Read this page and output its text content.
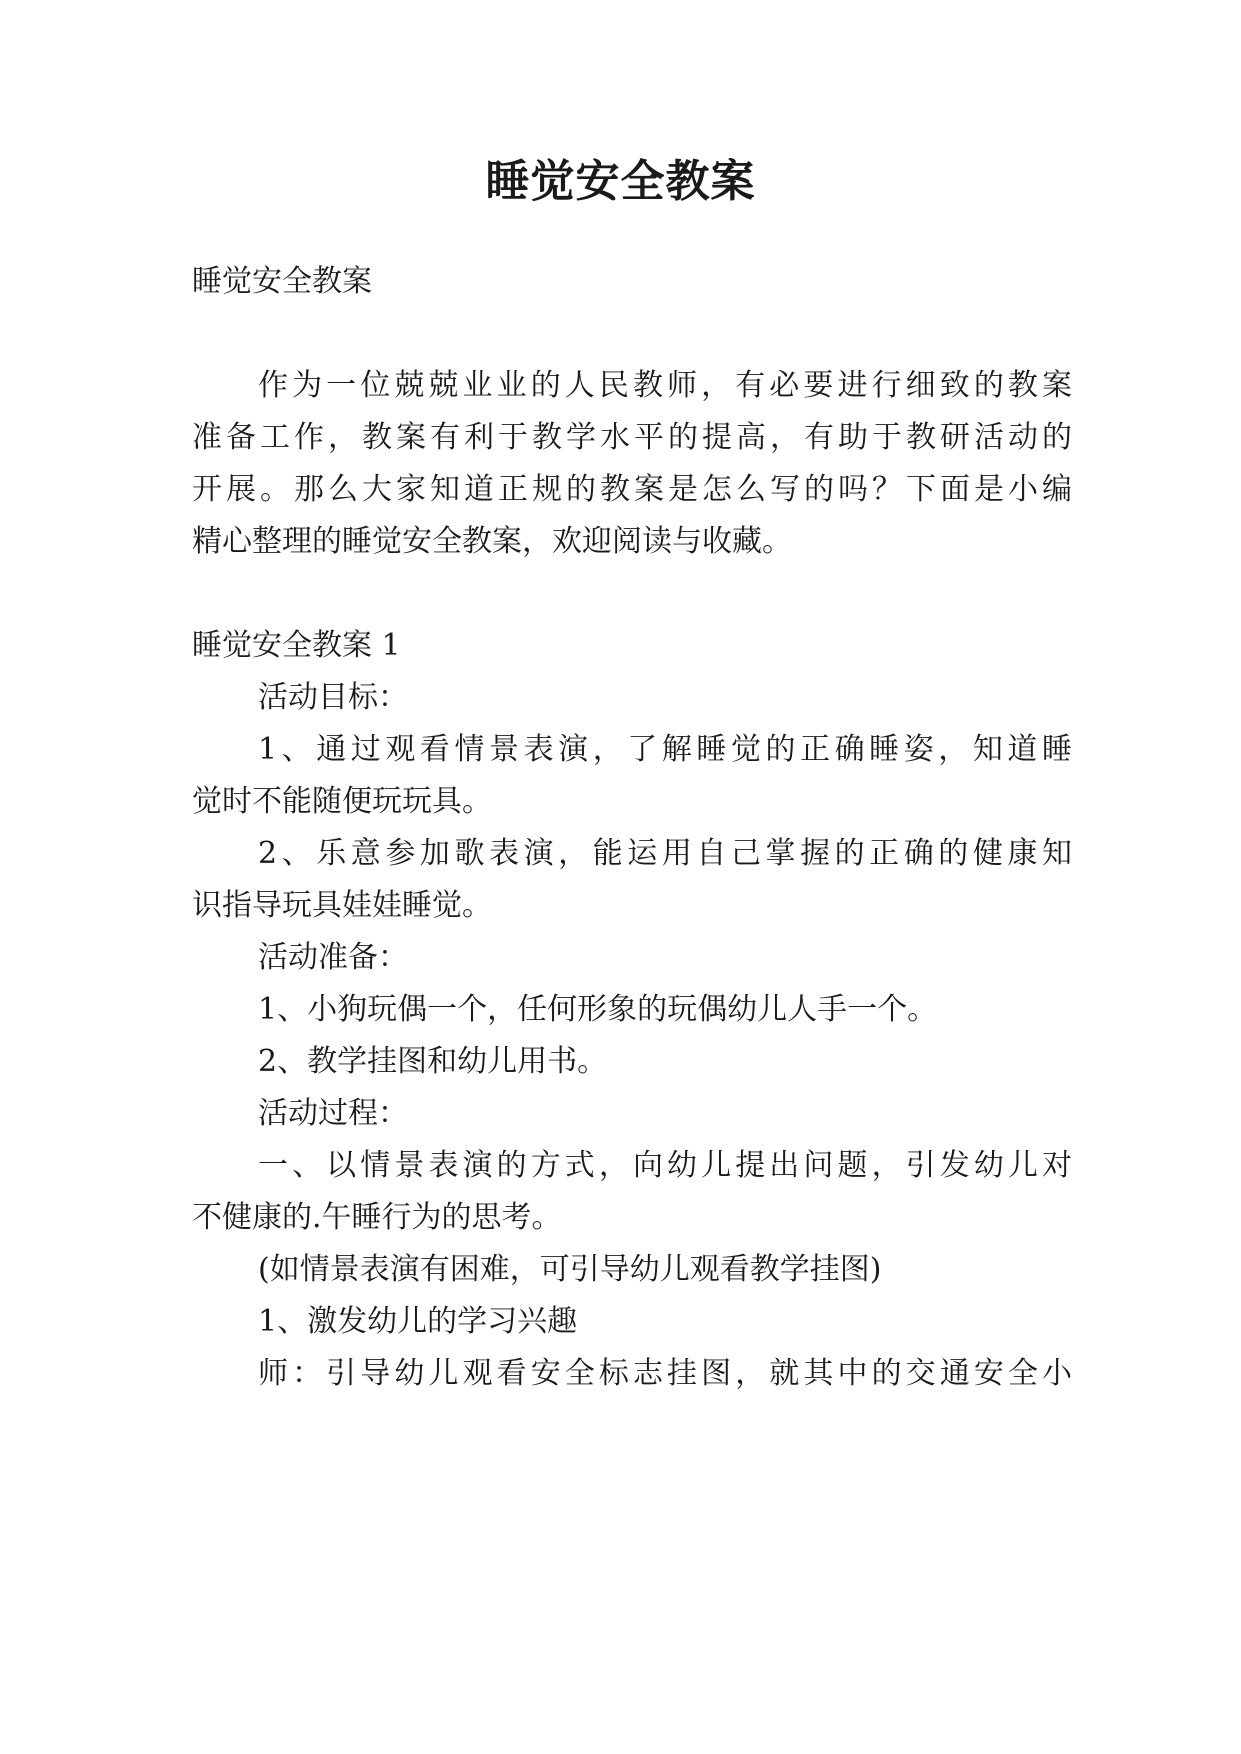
睡觉安全教案
睡觉安全教案
作为一位兢兢业业的人民教师，有必要进行细致的教案
准备工作，教案有利于教学水平的提高，有助于教研活动的
开展。那么大家知道正规的教案是怎么写的吗？下面是小编
精心整理的睡觉安全教案，欢迎阅读与收藏。
睡觉安全教案 1
活动目标：
1、通过观看情景表演，了解睡觉的正确睡姿，知道睡
觉时不能随便玩玩具。
2、乐意参加歌表演，能运用自己掌握的正确的健康知
识指导玩具娃娃睡觉。
活动准备：
1、小狗玩偶一个，任何形象的玩偶幼儿人手一个。
2、教学挂图和幼儿用书。
活动过程：
一、以情景表演的方式，向幼儿提出问题，引发幼儿对
不健康的.午睡行为的思考。
(如情景表演有困难，可引导幼儿观看教学挂图)
1、激发幼儿的学习兴趣
师：引导幼儿观看安全标志挂图，就其中的交通安全小
